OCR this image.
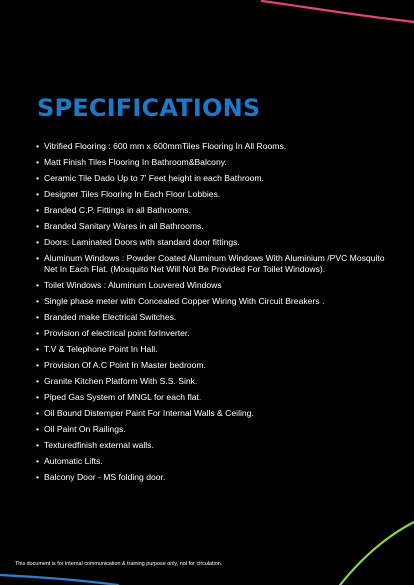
SPECIFICATIONS
• Vitrified Flooring : 600 mm x 600mmTiles Flooring In All Rooms.
• Matt Finish Tiles Flooring In Bathroom&Balcony.
• Ceramic Tile Dado Up to 7' Feet height in each Bathroom.
• Designer Tiles Flooring In Each Floor Lobbies.
• Branded C.P. Fittings in all Bathrooms.
• Branded Sanitary Wares in all Bathrooms.
• Doors: Laminated Doors with standard door fittings.
• Aluminum Windows : Powder Coated Aluminum Windows With Aluminium /PVC Mosquito Net In Each Flat. (Mosquito Net Will Not Be Provided For Toilet Windows).
• Toilet Windows : Aluminum Louvered Windows
• Single phase meter with Concealed Copper Wiring With Circuit Breakers .
• Branded make Electrical Switches.
• Provision of electrical point forInverter.
• T.V & Telephone Point In Hall.
• Provision Of A.C Point In Master bedroom.
• Granite Kitchen Platform With S.S. Sink.
• Piped Gas System of MNGL for each flat.
• Oil Bound Distemper Paint For Internal Walls & Ceiling.
• Oil Paint On Railings.
• Texturedfinish external walls.
• Automatic Lifts.
• Balcony Door - MS folding door.
This document is for internal communication & training purpose only, not for circulation.
